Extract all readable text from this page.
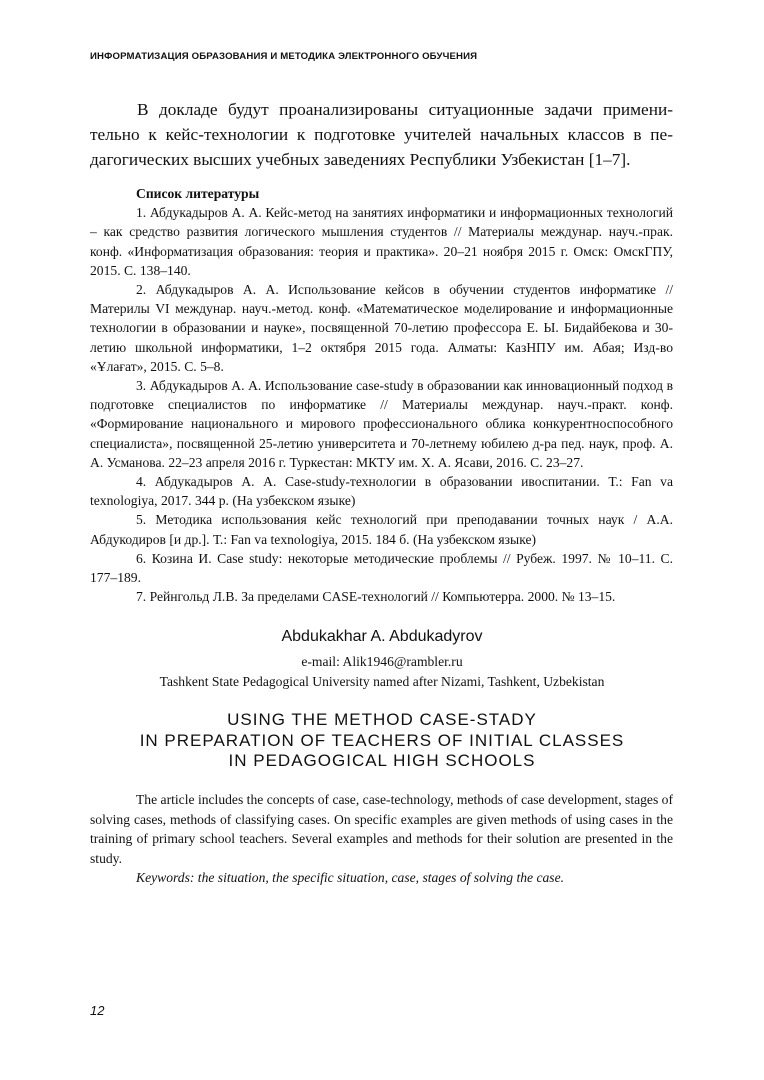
ИНФОРМАТИЗАЦИЯ ОБРАЗОВАНИЯ И МЕТОДИКА ЭЛЕКТРОННОГО ОБУЧЕНИЯ

В докладе будут проанализированы ситуационные задачи применительно к кейс-технологии к подготовке учителей начальных классов в педагогических высших учебных заведениях Республики Узбекистан [1–7].

Список литературы

1. Абдукадыров А. А. Кейс-метод на занятиях информатики и информационных технологий – как средство развития логического мышления студентов // Материалы междунар. науч.-прак. конф. «Информатизация образования: теория и практика». 20–21 ноября 2015 г. Омск: ОмскГПУ, 2015. С. 138–140.

2. Абдукадыров А. А. Использование кейсов в обучении студентов информатике // Материлы VI междунар. науч.-метод. конф. «Математическое моделирование и информационные технологии в образовании и науке», посвященной 70-летию профессора Е. Ы. Бидайбекова и 30-летию школьной информатики, 1–2 октября 2015 года. Алматы: КазНПУ им. Абая; Изд-во «Ұлағат», 2015. С. 5–8.

3. Абдукадыров А. А. Использование case-study в образовании как инновационный подход в подготовке специалистов по информатике // Материалы междунар. науч.-практ. конф. «Формирование национального и мирового профессионального облика конкурентноспособного специалиста», посвященной 25-летию университета и 70-летнему юбилею д-ра пед. наук, проф. А. А. Усманова. 22–23 апреля 2016 г. Туркестан: МКТУ им. Х. А. Ясави, 2016. С. 23–27.

4. Абдукадыров А. А. Case-study-технологии в образовании ивоспитании. Т.: Fan va texnologiya, 2017. 344 р. (На узбекском языке)

5. Методика использования кейс технологий при преподавании точных наук / А.А. Абдукодиров [и др.]. Т.: Fan va texnologiya, 2015. 184 б. (На узбекском языке)

6. Козина И. Case study: некоторые методические проблемы // Рубеж. 1997. № 10–11. С. 177–189.

7. Рейнгольд Л.В. За пределами CASE-технологий // Компьютерра. 2000. № 13–15.

Abdukakhar A. Abdukadyrov
e-mail: Alik1946@rambler.ru
Tashkent State Pedagogical University named after Nizami, Tashkent, Uzbekistan
USING THE METHOD CASE-STADY
IN PREPARATION OF TEACHERS OF INITIAL CLASSES
IN PEDAGOGICAL HIGH SCHOOLS

The article includes the concepts of case, case-technology, methods of case development, stages of solving cases, methods of classifying cases. On specific examples are given methods of using cases in the training of primary school teachers. Several examples and methods for their solution are presented in the study.

Keywords: the situation, the specific situation, case, stages of solving the case.

12
